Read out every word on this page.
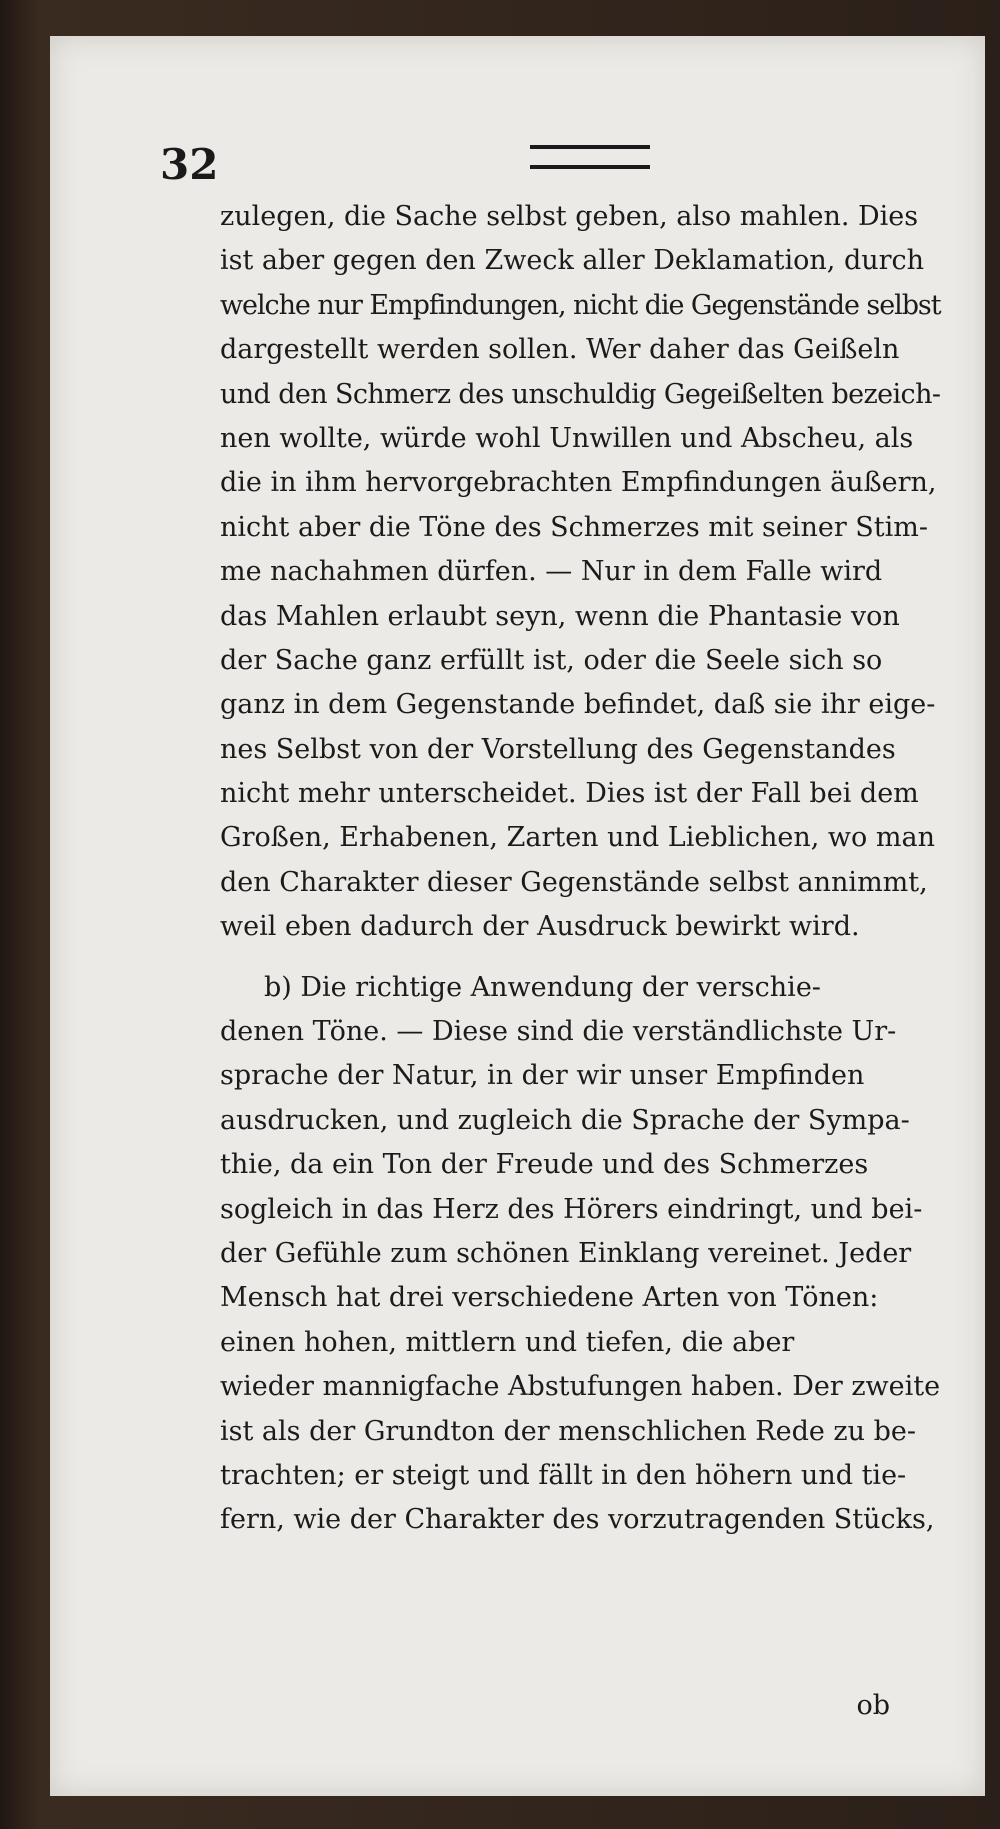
32
zulegen, die Sache selbst geben, also mahlen. Dies
ist aber gegen den Zweck aller Deklamation, durch
welche nur Empfindungen, nicht die Gegenstände selbst
dargestellt werden sollen. Wer daher das Geißeln
und den Schmerz des unschuldig Gegeißelten bezeich-
nen wollte, würde wohl Unwillen und Abscheu, als
die in ihm hervorgebrachten Empfindungen äußern,
nicht aber die Töne des Schmerzes mit seiner Stim-
me nachahmen dürfen. — Nur in dem Falle wird
das Mahlen erlaubt seyn, wenn die Phantasie von
der Sache ganz erfüllt ist, oder die Seele sich so
ganz in dem Gegenstande befindet, daß sie ihr eige-
nes Selbst von der Vorstellung des Gegenstandes
nicht mehr unterscheidet. Dies ist der Fall bei dem
Großen, Erhabenen, Zarten und Lieblichen, wo man
den Charakter dieser Gegenstände selbst annimmt,
weil eben dadurch der Ausdruck bewirkt wird.
b) Die richtige Anwendung der verschie-
denen Töne. — Diese sind die verständlichste Ur-
sprache der Natur, in der wir unser Empfinden
ausdrucken, und zugleich die Sprache der Sympa-
thie, da ein Ton der Freude und des Schmerzes
sogleich in das Herz des Hörers eindringt, und bei-
der Gefühle zum schönen Einklang vereinet. Jeder
Mensch hat drei verschiedene Arten von Tönen:
einen hohen, mittlern und tiefen, die aber
wieder mannigfache Abstufungen haben. Der zweite
ist als der Grundton der menschlichen Rede zu be-
trachten; er steigt und fällt in den höhern und tie-
fern, wie der Charakter des vorzutragenden Stücks,
ob
